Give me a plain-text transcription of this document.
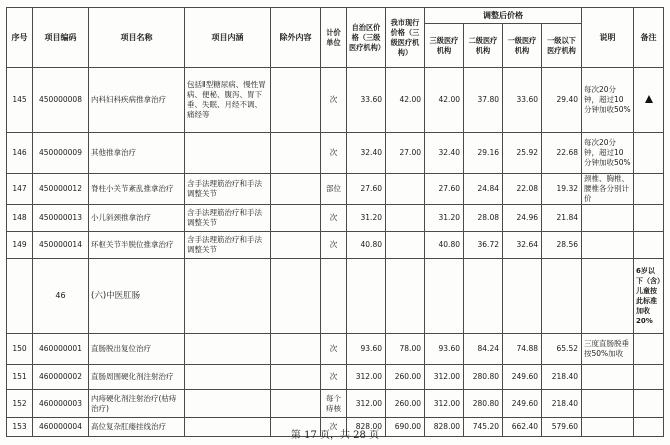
序号	项目编码	项目名称	项目内涵	除外内容	计价单位	自治区价格（三级医疗机构）	我市现行价格（三级医疗机构）	调整后价格				说明	备注
								三级医疗机构	二级医疗机构	一级医疗机构	一级以下医疗机构		
145	450000008	内科妇科疾病推拿治疗	包括Ⅱ型糖尿病、慢性胃病、便秘、腹泻、胃下垂、失眠、月经不调、痛经等		次	33.60	42.00	42.00	37.80	33.60	29.40	每次20分钟，超过10分钟加收50%	
146	450000009	其他推拿治疗			次	32.40	27.00	32.40	29.16	25.92	22.68	每次20分钟，超过10分钟加收50%	
147	450000012	脊柱小关节紊乱推拿治疗	含手法理筋治疗和手法调整关节		部位	27.60		27.60	24.84	22.08	19.32	颈椎、胸椎、腰椎各分别计价	
148	450000013	小儿斜颈推拿治疗	含手法理筋治疗和手法调整关节		次	31.20		31.20	28.08	24.96	21.84		
149	450000014	环枢关节半脱位推拿治疗	含手法理筋治疗和手法调整关节		次	40.80		40.80	36.72	32.64	28.56		
	46	(六)中医肛肠											6岁以下（含）儿童按此标准加收20%
150	460000001	直肠脱出复位治疗			次	93.60	78.00	93.60	84.24	74.88	65.52	三度直肠脱垂按50%加收	
151	460000002	直肠周围硬化剂注射治疗			次	312.00	260.00	312.00	280.80	249.60	218.40		
152	460000003	内痔硬化剂注射治疗(枯痔治疗)			每个痔核	312.00	260.00	312.00	280.80	249.60	218.40		
153	460000004	高位复杂肛瘘挂线治疗			次	828.00	690.00	828.00	745.20	662.40	579.60		
第 17 页，共 28 页
